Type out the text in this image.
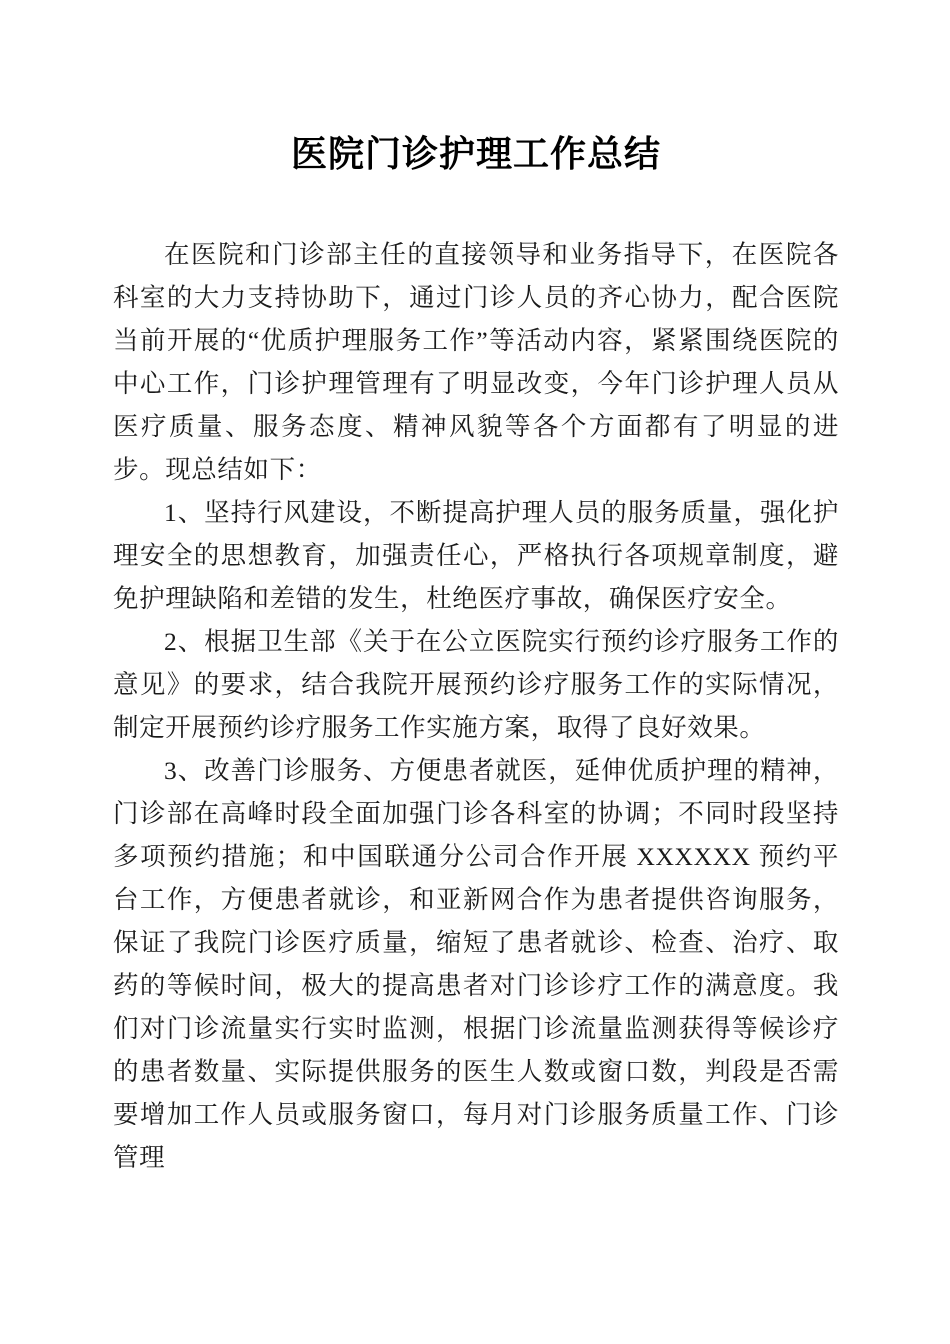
医院门诊护理工作总结

在医院和门诊部主任的直接领导和业务指导下，在医院各科室的大力支持协助下，通过门诊人员的齐心协力，配合医院当前开展的“优质护理服务工作”等活动内容，紧紧围绕医院的中心工作，门诊护理管理有了明显改变，今年门诊护理人员从医疗质量、服务态度、精神风貌等各个方面都有了明显的进步。现总结如下：

1、坚持行风建设，不断提高护理人员的服务质量，强化护理安全的思想教育，加强责任心，严格执行各项规章制度，避免护理缺陷和差错的发生，杜绝医疗事故，确保医疗安全。

2、根据卫生部《关于在公立医院实行预约诊疗服务工作的意见》的要求，结合我院开展预约诊疗服务工作的实际情况，制定开展预约诊疗服务工作实施方案，取得了良好效果。

3、改善门诊服务、方便患者就医，延伸优质护理的精神，门诊部在高峰时段全面加强门诊各科室的协调；不同时段坚持多项预约措施；和中国联通分公司合作开展 XXXXXX 预约平台工作，方便患者就诊，和亚新网合作为患者提供咨询服务，保证了我院门诊医疗质量，缩短了患者就诊、检查、治疗、取药的等候时间，极大的提高患者对门诊诊疗工作的满意度。我们对门诊流量实行实时监测，根据门诊流量监测获得等候诊疗的患者数量、实际提供服务的医生人数或窗口数，判段是否需要增加工作人员或服务窗口，每月对门诊服务质量工作、门诊管理
